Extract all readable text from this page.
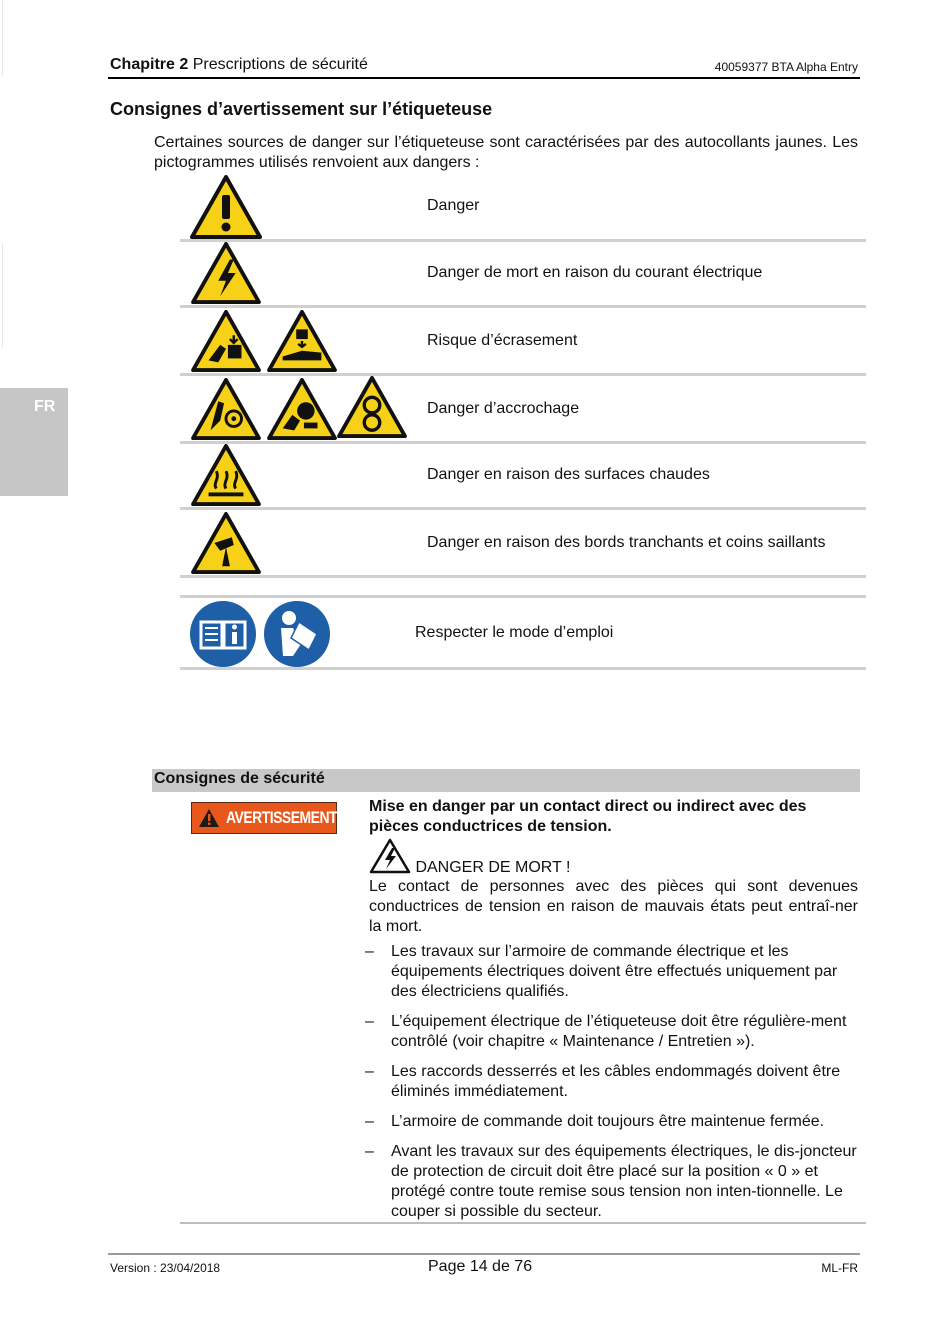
FR
Chapitre 2 Prescriptions de sécurité	40059377 BTA Alpha Entry
Consignes d’avertissement sur l’étiqueteuse
Certaines sources de danger sur l’étiqueteuse sont caractérisées par des autocollants jaunes. Les pictogrammes utilisés renvoient aux dangers :
Danger
Danger de mort en raison du courant électrique
Risque d’écrasement
Danger d’accrochage
Danger en raison des surfaces chaudes
Danger en raison des bords tranchants et coins saillants
Respecter le mode d’emploi
Consignes de sécurité
AVERTISSEMENT
Mise en danger par un contact direct ou indirect avec des pièces conductrices de tension.
DANGER DE MORT !
Le contact de personnes avec des pièces qui sont devenues conductrices de tension en raison de mauvais états peut entraî-ner la mort.
– Les travaux sur l’armoire de commande électrique et les équipements électriques doivent être effectués uniquement par des électriciens qualifiés.
– L’équipement électrique de l’étiqueteuse doit être régulière-ment contrôlé (voir chapitre « Maintenance / Entretien »).
– Les raccords desserrés et les câbles endommagés doivent être éliminés immédiatement.
– L’armoire de commande doit toujours être maintenue fermée.
– Avant les travaux sur des équipements électriques, le dis-joncteur de protection de circuit doit être placé sur la position « 0 » et protégé contre toute remise sous tension non inten-tionnelle. Le couper si possible du secteur.
Version : 23/04/2018	Page 14 de 76	ML-FR
